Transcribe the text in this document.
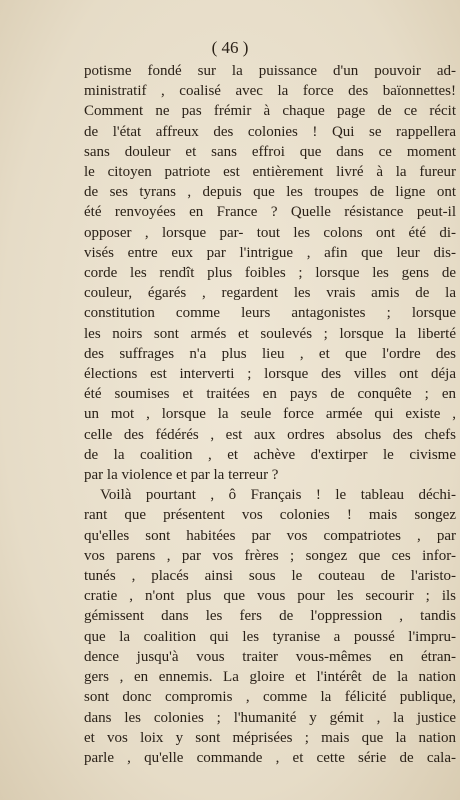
( 46 )
potisme fondé sur la puissance d'un pouvoir ad-
ministratif , coalisé avec la force des baïonnettes!
Comment ne pas frémir à chaque page de ce récit
de l'état affreux des colonies ! Qui se rappellera
sans douleur et sans effroi que dans ce moment
le citoyen patriote est entièrement livré à la fureur
de ses tyrans , depuis que les troupes de ligne ont
été renvoyées en France ? Quelle résistance peut-il
opposer , lorsque par- tout les colons ont été di-
visés entre eux par l'intrigue , afin que leur dis-
corde les rendît plus foibles ; lorsque les gens de
couleur, égarés , regardent les vrais amis de la
constitution comme leurs antagonistes ; lorsque
les noirs sont armés et soulevés ; lorsque la liberté
des suffrages n'a plus lieu , et que l'ordre des
élections est interverti ; lorsque des villes ont déja
été soumises et traitées en pays de conquête ; en
un mot , lorsque la seule force armée qui existe ,
celle des fédérés , est aux ordres absolus des chefs
de la coalition , et achève d'extirper le civisme
par la violence et par la terreur ?
Voilà pourtant , ô Français ! le tableau déchi-
rant que présentent vos colonies ! mais songez
qu'elles sont habitées par vos compatriotes , par
vos parens , par vos frères ; songez que ces infor-
tunés , placés ainsi sous le couteau de l'aristo-
cratie , n'ont plus que vous pour les secourir ; ils
gémissent dans les fers de l'oppression , tandis
que la coalition qui les tyranise a poussé l'impru-
dence jusqu'à vous traiter vous-mêmes en étran-
gers , en ennemis. La gloire et l'intérêt de la nation
sont donc compromis , comme la félicité publique,
dans les colonies ; l'humanité y gémit , la justice
et vos loix y sont méprisées ; mais que la nation
parle , qu'elle commande , et cette série de cala-
